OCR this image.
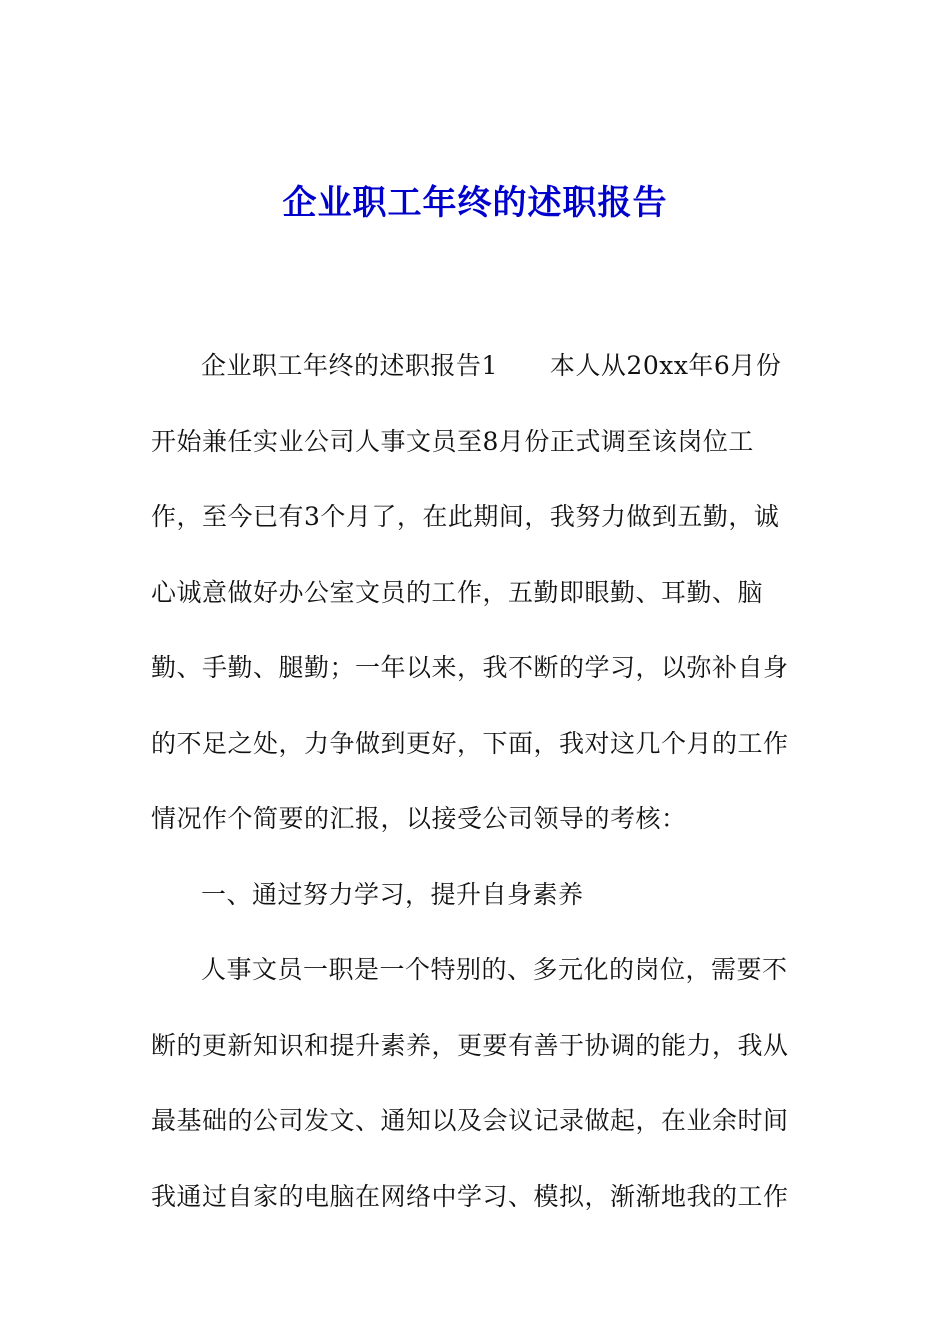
企业职工年终的述职报告
企业职工年终的述职报告1 本人从20xx年6月份
开始兼任实业公司人事文员至8月份正式调至该岗位工
作，至今已有3个月了，在此期间，我努力做到五勤，诚
心诚意做好办公室文员的工作，五勤即眼勤、耳勤、脑
勤、手勤、腿勤；一年以来，我不断的学习，以弥补自身
的不足之处，力争做到更好，下面，我对这几个月的工作
情况作个简要的汇报，以接受公司领导的考核：
一、通过努力学习，提升自身素养
人事文员一职是一个特别的、多元化的岗位，需要不
断的更新知识和提升素养，更要有善于协调的能力，我从
最基础的公司发文、通知以及会议记录做起，在业余时间
我通过自家的电脑在网络中学习、模拟，渐渐地我的工作
